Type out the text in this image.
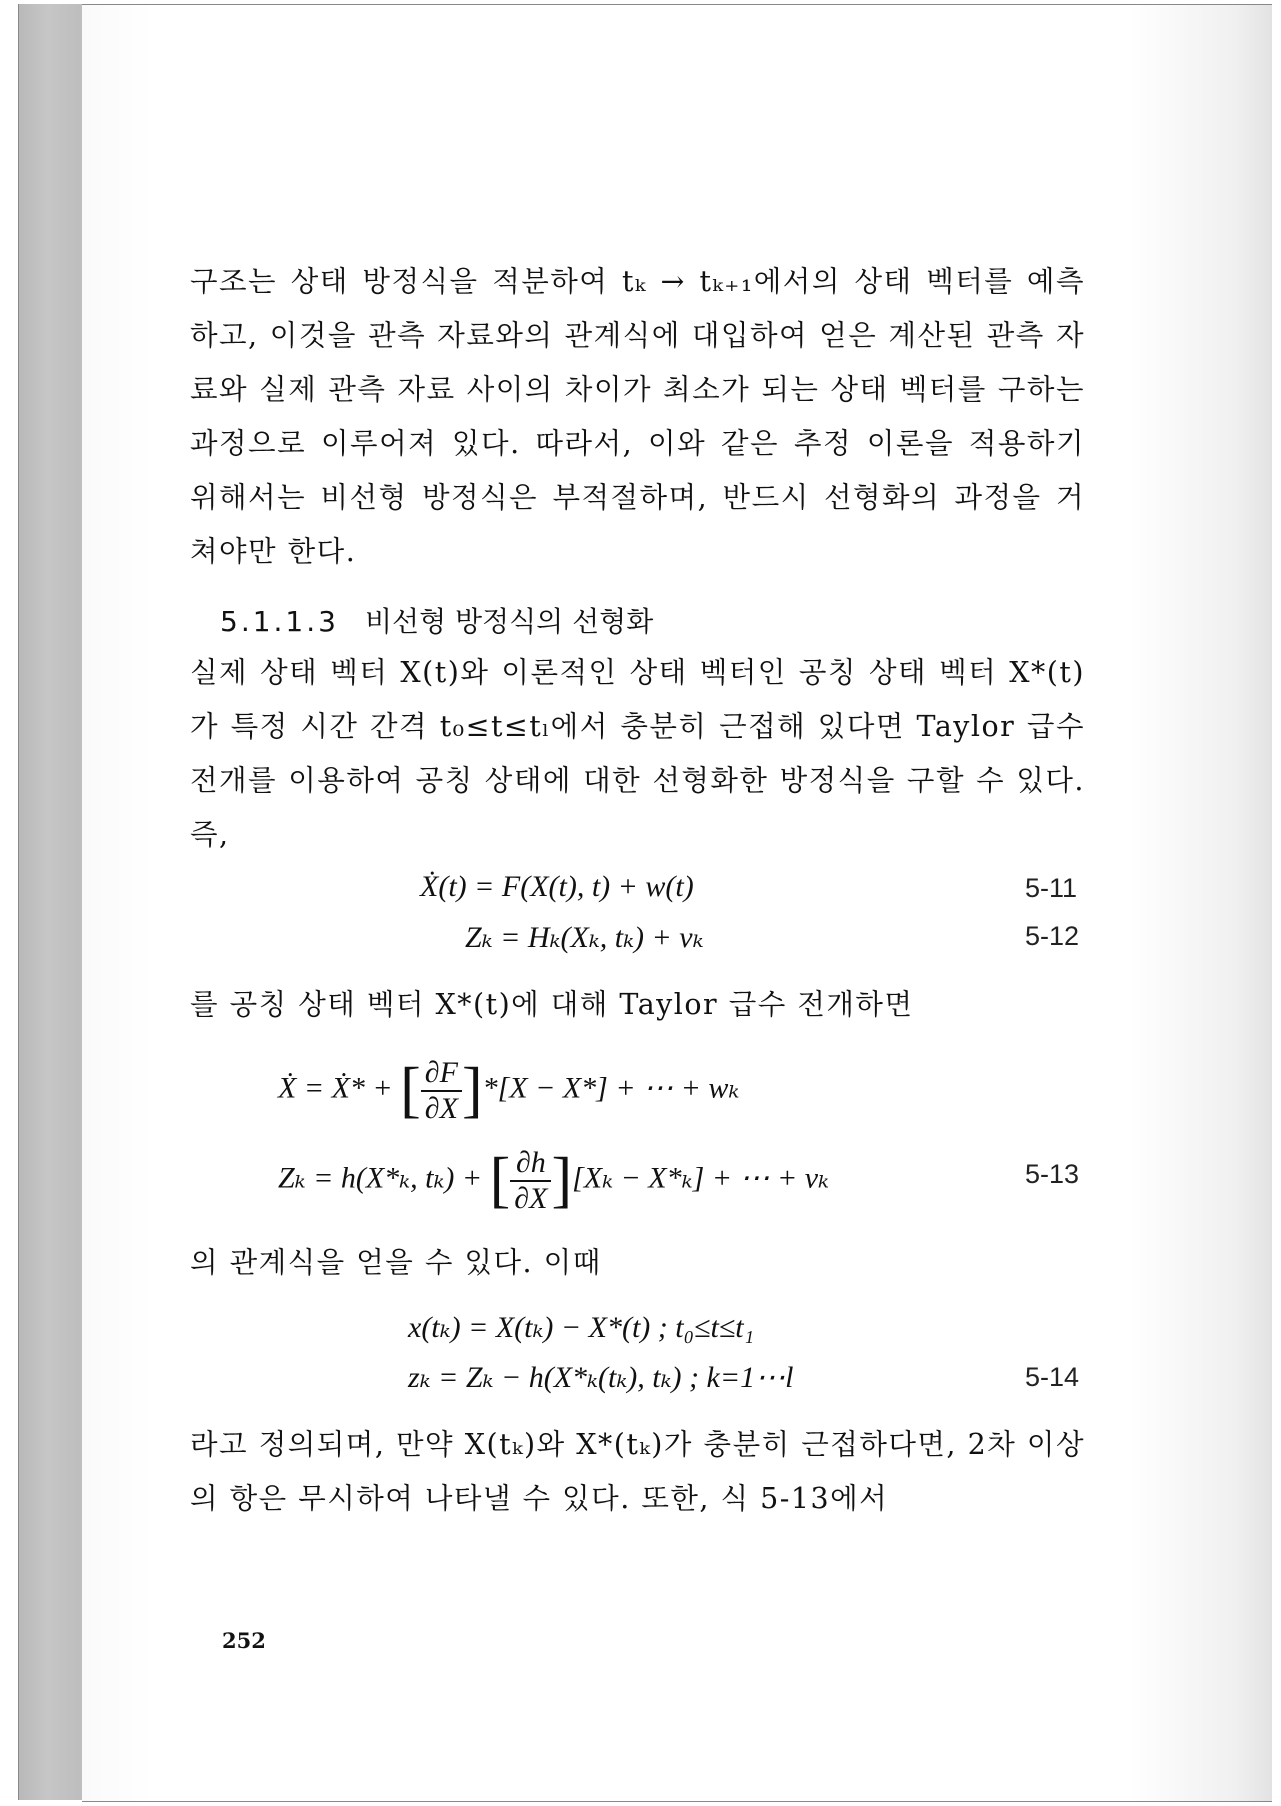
구조는 상태 방정식을 적분하여 tₖ → tₖ₊₁에서의 상태 벡터를 예측하고, 이것을 관측 자료와의 관계식에 대입하여 얻은 계산된 관측 자료와 실제 관측 자료 사이의 차이가 최소가 되는 상태 벡터를 구하는 과정으로 이루어져 있다. 따라서, 이와 같은 추정 이론을 적용하기 위해서는 비선형 방정식은 부적절하며, 반드시 선형화의 과정을 거쳐야만 한다.

5.1.1.3 비선형 방정식의 선형화

실제 상태 벡터 X(t)와 이론적인 상태 벡터인 공칭 상태 벡터 X*(t)가 특정 시간 간격 t₀≤t≤tₗ에서 충분히 근접해 있다면 Taylor 급수 전개를 이용하여 공칭 상태에 대한 선형화한 방정식을 구할 수 있다. 즉,

Ẋ(t) = F(X(t), t) + w(t)	5-11
Zₖ = Hₖ(Xₖ, tₖ) + vₖ	5-12

를 공칭 상태 벡터 X*(t)에 대해 Taylor 급수 전개하면

Ẋ = Ẋ* + [ $\frac{\partial F}{\partial X} ]*[X - X*]$ + ⋯ + wₖ
Zₖ = h(X*ₖ, tₖ) + [ $\frac{\partial h}{\partial X} ][X_k - X*_k]$ + ⋯ + vₖ	5-13

의 관계식을 얻을 수 있다. 이때

x(tₖ) = X(tₖ) − X*(t) ; t₀≤t≤t₁
zₖ = Zₖ − h(X*ₖ(tₖ), tₖ) ; k=1⋯l	5-14

라고 정의되며, 만약 X(tₖ)와 X*(tₖ)가 충분히 근접하다면, 2차 이상의 항은 무시하여 나타낼 수 있다. 또한, 식 5-13에서

252
